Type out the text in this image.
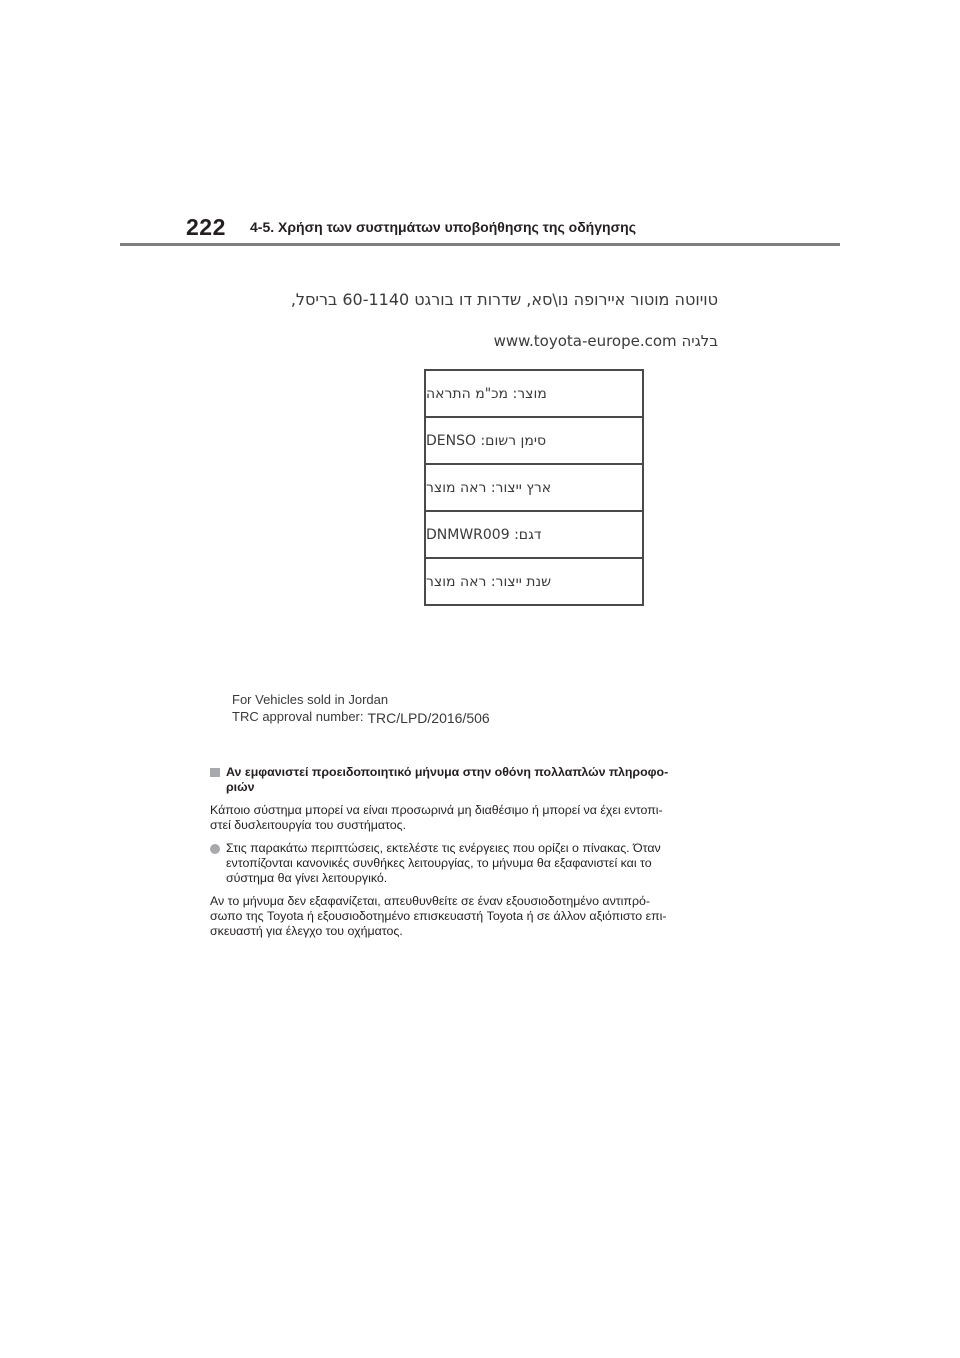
222 4-5. Χρήση των συστημάτων υποβοήθησης της οδήγησης
טויוטה מוטור איירופה נו\סא, שדרות דו בורגט 60-1140 בריסל,
בלגיה www.toyota-europe.com
מוצר: מכ"מ התראה
סימן רשום: DENSO
ארץ ייצור: ראה מוצר
דגם: DNMWR009
שנת ייצור: ראה מוצר
For Vehicles sold in Jordan
TRC approval number: TRC/LPD/2016/506
Αν εμφανιστεί προειδοποιητικό μήνυμα στην οθόνη πολλαπλών πληροφο-
ριών
Κάποιο σύστημα μπορεί να είναι προσωρινά μη διαθέσιμο ή μπορεί να έχει εντοπι-
στεί δυσλειτουργία του συστήματος.
Στις παρακάτω περιπτώσεις, εκτελέστε τις ενέργειες που ορίζει ο πίνακας. Όταν
εντοπίζονται κανονικές συνθήκες λειτουργίας, το μήνυμα θα εξαφανιστεί και το
σύστημα θα γίνει λειτουργικό.
Αν το μήνυμα δεν εξαφανίζεται, απευθυνθείτε σε έναν εξουσιοδοτημένο αντιπρό-
σωπο της Toyota ή εξουσιοδοτημένο επισκευαστή Toyota ή σε άλλον αξιόπιστο επι-
σκευαστή για έλεγχο του οχήματος.
